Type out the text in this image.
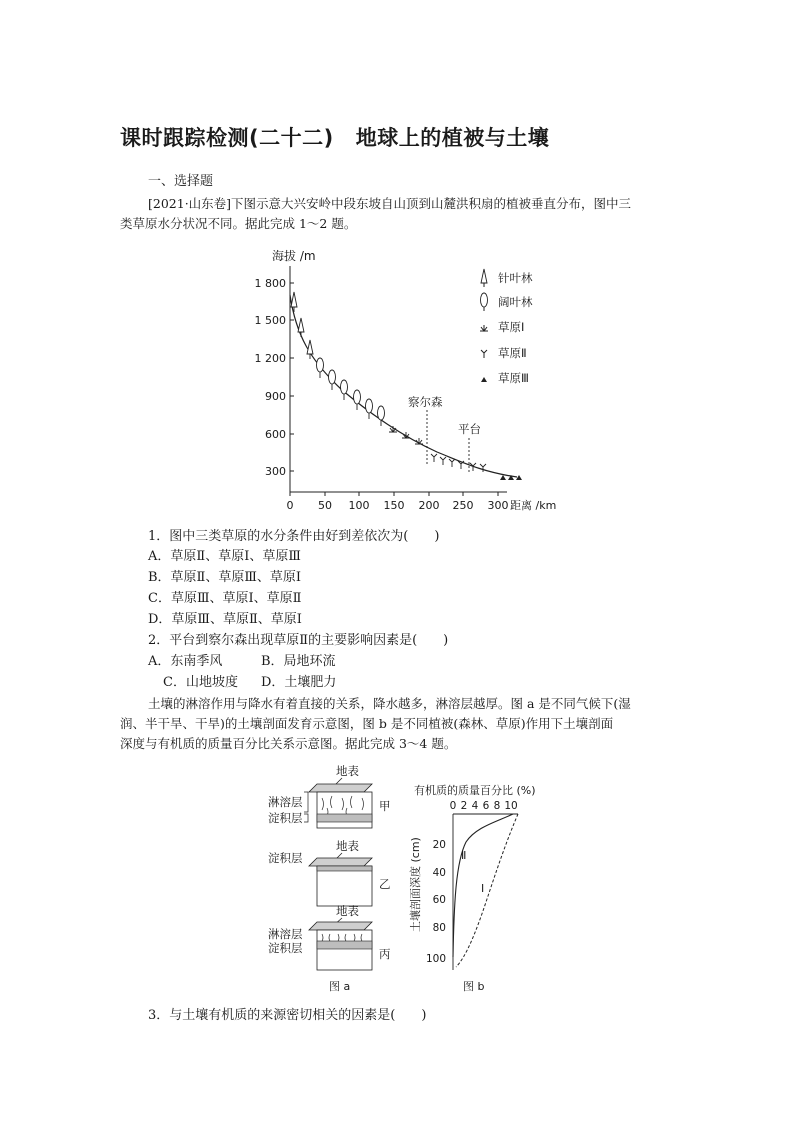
课时跟踪检测(二十二) 地球上的植被与土壤
一、选择题
[2021·山东卷]下图示意大兴安岭中段东坡自山顶到山麓洪积扇的植被垂直分布，图中三
类草原水分状况不同。据此完成 1～2 题。
海拔 /m
1 800
1 500
1 200
900
600
300
0 50 100 150 200 250 300 距离 /km
察尔森
平台
针叶林
阔叶林
草原Ⅰ
草原Ⅱ
草原Ⅲ
1．图中三类草原的水分条件由好到差依次为(　　)
A．草原Ⅱ、草原Ⅰ、草原Ⅲ
B．草原Ⅱ、草原Ⅲ、草原Ⅰ
C．草原Ⅲ、草原Ⅰ、草原Ⅱ
D．草原Ⅲ、草原Ⅱ、草原Ⅰ
2．平台到察尔森出现草原Ⅱ的主要影响因素是(　　)
A．东南季风	B．局地环流
C．山地坡度 D．土壤肥力
土壤的淋溶作用与降水有着直接的关系，降水越多，淋溶层越厚。图 a 是不同气候下(湿
润、半干旱、干旱)的土壤剖面发育示意图，图 b 是不同植被(森林、草原)作用下土壤剖面
深度与有机质的质量百分比关系示意图。据此完成 3～4 题。
地表
淋溶层
淀积层
甲
地表
淀积层
乙
地表
淋溶层
淀积层	丙
图 a
有机质的质量百分比 (%)
0 2 4 6 8 10
20
40
60
80
100
土壤剖面深度 (cm)	Ⅱ
Ⅰ
图 b
3．与土壤有机质的来源密切相关的因素是(　　)
